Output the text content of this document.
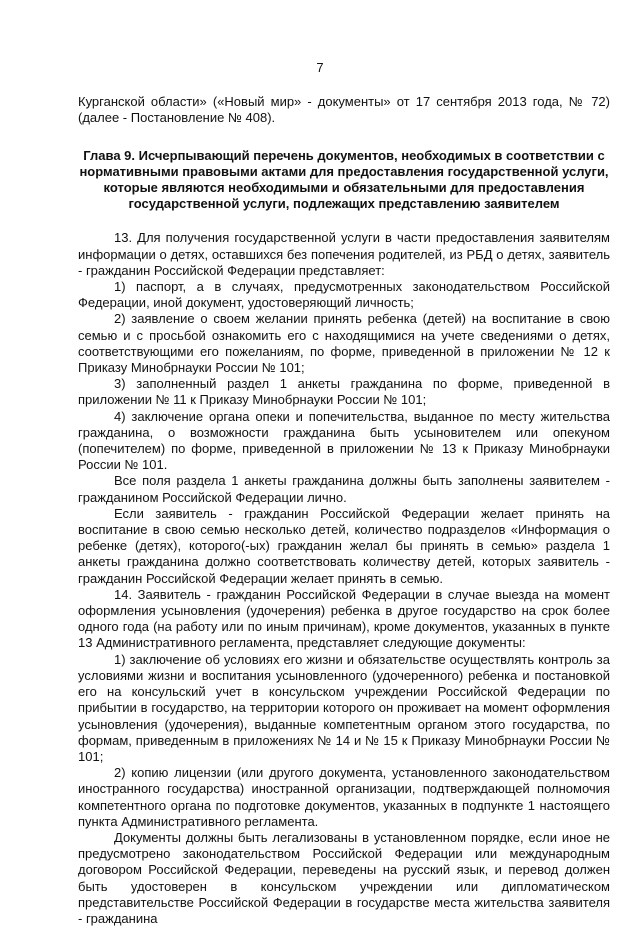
7

Курганской области» («Новый мир» - документы» от 17 сентября 2013 года, № 72) (далее - Постановление № 408).

Глава 9. Исчерпывающий перечень документов, необходимых в соответствии с нормативными правовыми актами для предоставления государственной услуги, которые являются необходимыми и обязательными для предоставления государственной услуги, подлежащих представлению заявителем

13. Для получения государственной услуги в части предоставления заявителям информации о детях, оставшихся без попечения родителей, из РБД о детях, заявитель - гражданин Российской Федерации представляет:

1) паспорт, а в случаях, предусмотренных законодательством Российской Федерации, иной документ, удостоверяющий личность;

2) заявление о своем желании принять ребенка (детей) на воспитание в свою семью и с просьбой ознакомить его с находящимися на учете сведениями о детях, соответствующими его пожеланиям, по форме, приведенной в приложении № 12 к Приказу Минобрнауки России № 101;

3) заполненный раздел 1 анкеты гражданина по форме, приведенной в приложении № 11 к Приказу Минобрнауки России № 101;

4) заключение органа опеки и попечительства, выданное по месту жительства гражданина, о возможности гражданина быть усыновителем или опекуном (попечителем) по форме, приведенной в приложении № 13 к Приказу Минобрнауки России № 101.

Все поля раздела 1 анкеты гражданина должны быть заполнены заявителем - гражданином Российской Федерации лично.

Если заявитель - гражданин Российской Федерации желает принять на воспитание в свою семью несколько детей, количество подразделов «Информация о ребенке (детях), которого(-ых) гражданин желал бы принять в семью» раздела 1 анкеты гражданина должно соответствовать количеству детей, которых заявитель - гражданин Российской Федерации желает принять в семью.

14. Заявитель - гражданин Российской Федерации в случае выезда на момент оформления усыновления (удочерения) ребенка в другое государство на срок более одного года (на работу или по иным причинам), кроме документов, указанных в пункте 13 Административного регламента, представляет следующие документы:

1) заключение об условиях его жизни и обязательстве осуществлять контроль за условиями жизни и воспитания усыновленного (удочеренного) ребенка и постановкой его на консульский учет в консульском учреждении Российской Федерации по прибытии в государство, на территории которого он проживает на момент оформления усыновления (удочерения), выданные компетентным органом этого государства, по формам, приведенным в приложениях № 14 и № 15 к Приказу Минобрнауки России № 101;

2) копию лицензии (или другого документа, установленного законодательством иностранного государства) иностранной организации, подтверждающей полномочия компетентного органа по подготовке документов, указанных в подпункте 1 настоящего пункта Административного регламента.

Документы должны быть легализованы в установленном порядке, если иное не предусмотрено законодательством Российской Федерации или международным договором Российской Федерации, переведены на русский язык, и перевод должен быть удостоверен в консульском учреждении или дипломатическом представительстве Российской Федерации в государстве места жительства заявителя - гражданина
